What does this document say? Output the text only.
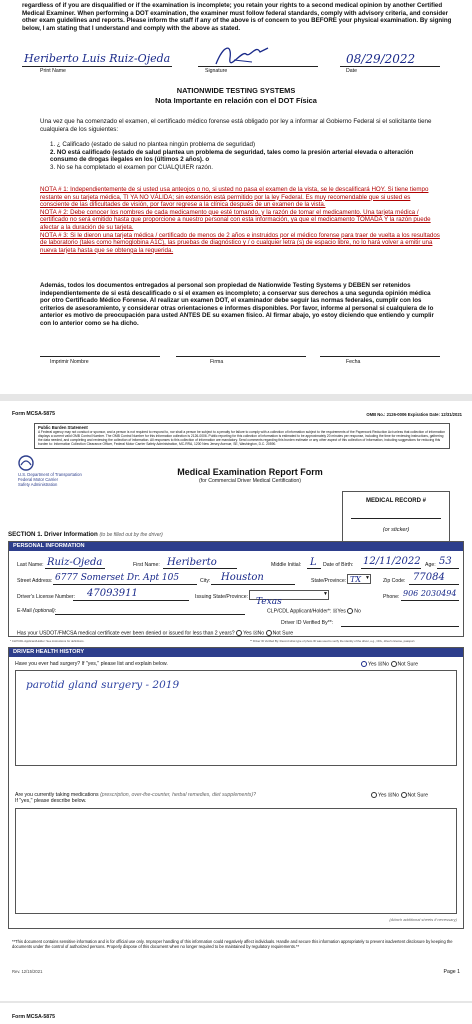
regardless of if you are disqualified or if the examination is incomplete; you retain your rights to a second medical opinion by another Certified Medical Examiner. When performing a DOT examination, the examiner must follow federal standards, comply with advisory criteria, and consider other exam guidelines and reports. Please inform the staff if any of the above is of concern to you BEFORE your physical examination. By signing below, I am stating that I understand and comply with the above as stated.
Heriberto Luis Ruiz-Ojeda	08/29/2022
Print Name	Signature	Date
NATIONWIDE TESTING SYSTEMS
Nota Importante en relación con el DOT Física
Una vez que ha comenzado el examen, el certificado médico forense está obligado por ley a informar al Gobierno Federal si el solicitante tiene cualquiera de los siguientes:
1. ¿ Calificado (estado de salud no plantea ningún problema de seguridad)
2. NO está calificado (estado de salud plantea un problema de seguridad, tales como la presión arterial elevada o alteración consumo de drogas ilegales en los (últimos 2 años). o
3. No se ha completado el examen por CUALQUIER razón.
NOTA # 1: Independientemente de si usted usa anteojos o no, si usted no pasa el examen de la vista, se le descalificará HOY. Si tiene tiempo restante en su tarjeta médica, TI YA NO VÁLIDA; sin extensión está permitido por la ley Federal. Es muy recomendable que si usted es consciente de las dificultades de visión, por favor regrese a la clínica después de un examen de la vista.
NOTA # 2: Debe conocer los nombres de cada medicamento que esté tomando, y la razón de tomar el medicamento. Una tarjeta médica / certificado no será emitido hasta que proporcione a nuestro personal con esta información, ya que el medicamento TOMADA Y la razón puede afectar a la duración de su tarjeta.
NOTA # 3: Si le dieron una tarjeta médica / certificado de menos de 2 años e instruidos por el médico forense para traer de vuelta a los resultados de laboratorio (tales como hemoglobina A1C), las pruebas de diagnóstico y / o cualquier letra (s) de espacio libre, no lo hará volver a emitir una nueva tarjeta hasta que se obtenga la requerida.
Además, todos los documentos entregados al personal son propiedad de Nationwide Testing Systems y DEBEN ser retenidos independientemente de si está descalificado o si el examen es incompleto; a conservar sus derechos a una segunda opinión médica por otro Certificado Médico Forense. Al realizar un examen DOT, el examinador debe seguir las normas federales, cumplir con los criterios de asesoramiento, y considerar otras orientaciones e informes disponibles. Por favor, informe al personal si cualquiera de lo anterior es motivo de preocupación para usted ANTES DE su examen físico. Al firmar abajo, yo estoy diciendo que entiendo y cumplir con lo anterior como se ha dicho.
Imprimir Nombre	Firma	Fecha
Form MCSA-5875	OMB No.: 2126-0006 Expiration Date: 12/31/2021
Public Burden Statement
A Federal agency may not conduct or sponsor, and a person is not required to respond to, nor shall a person be subject to a penalty for failure to comply with a collection of information subject to the requirements of the Paperwork Reduction Act unless that collection of information displays a current valid OMB Control Number. The OMB Control Number for this information collection is 2126-0006. Public reporting for this collection of information is estimated to be approximately 20 minutes per response, including the time for reviewing instructions, gathering the data needed, and completing and reviewing the collection of information. All responses to this collection of information are mandatory. Send comments regarding this burden estimate or any other aspect of this collection of information, including suggestions for reducing this burden to: Information Collection Clearance Officer, Federal Motor Carrier Safety Administration, MC-RRA, 1200 New Jersey Avenue, SE, Washington, D.C. 20590.
U.S. Department of Transportation
Federal Motor Carrier
Safety Administration
Medical Examination Report Form
(for Commercial Driver Medical Certification)
MEDICAL RECORD #
(or sticker)
SECTION 1. Driver Information (to be filled out by the driver)
PERSONAL INFORMATION
Last Name: Ruiz-Ojeda	First Name: Heriberto	Middle Initial: L Date of Birth: 12/11/2022 Age: 53
Street Address: 6777 Somerset Dr. Apt 105	City: Houston	State/Province: TX ▼	Zip Code: 77084
Driver's License Number: 47093911	Issuing State/Province: Texas
▼	Phone: 906 2030494
E-Mail (optional):	CLP/CDL Applicant/Holder*: ☒Yes No
Driver ID Verified By**:
Has your USDOT/FMCSA medical certificate ever been denied or issued for less than 2 years? Yes ☒No Not Sure
* CLP/CDL Applicant/Holder: See instructions for definitions.	** Driver ID Verified By: Record what type of photo ID was used to verify the identity of the driver, e.g., CDL, driver's license, passport.
DRIVER HEALTH HISTORY
Have you ever had surgery? If "yes," please list and explain below.	Yes ☒No Not Sure
parotid gland surgery - 2019
Are you currently taking medications (prescription, over-the-counter, herbal remedies, diet supplements)?
If "yes," please describe below.
Yes ☒No Not Sure
(Attach additional sheets if necessary)
**This document contains sensitive information and is for official use only. Improper handling of this information could negatively affect individuals. Handle and secure this information appropriately to prevent inadvertent disclosure by keeping the documents under the control of authorized persons. Properly dispose of this document when no longer required to be maintained by regulatory requirements.**
Rev. 12/15/2021	Page 1
Form MCSA-5875
